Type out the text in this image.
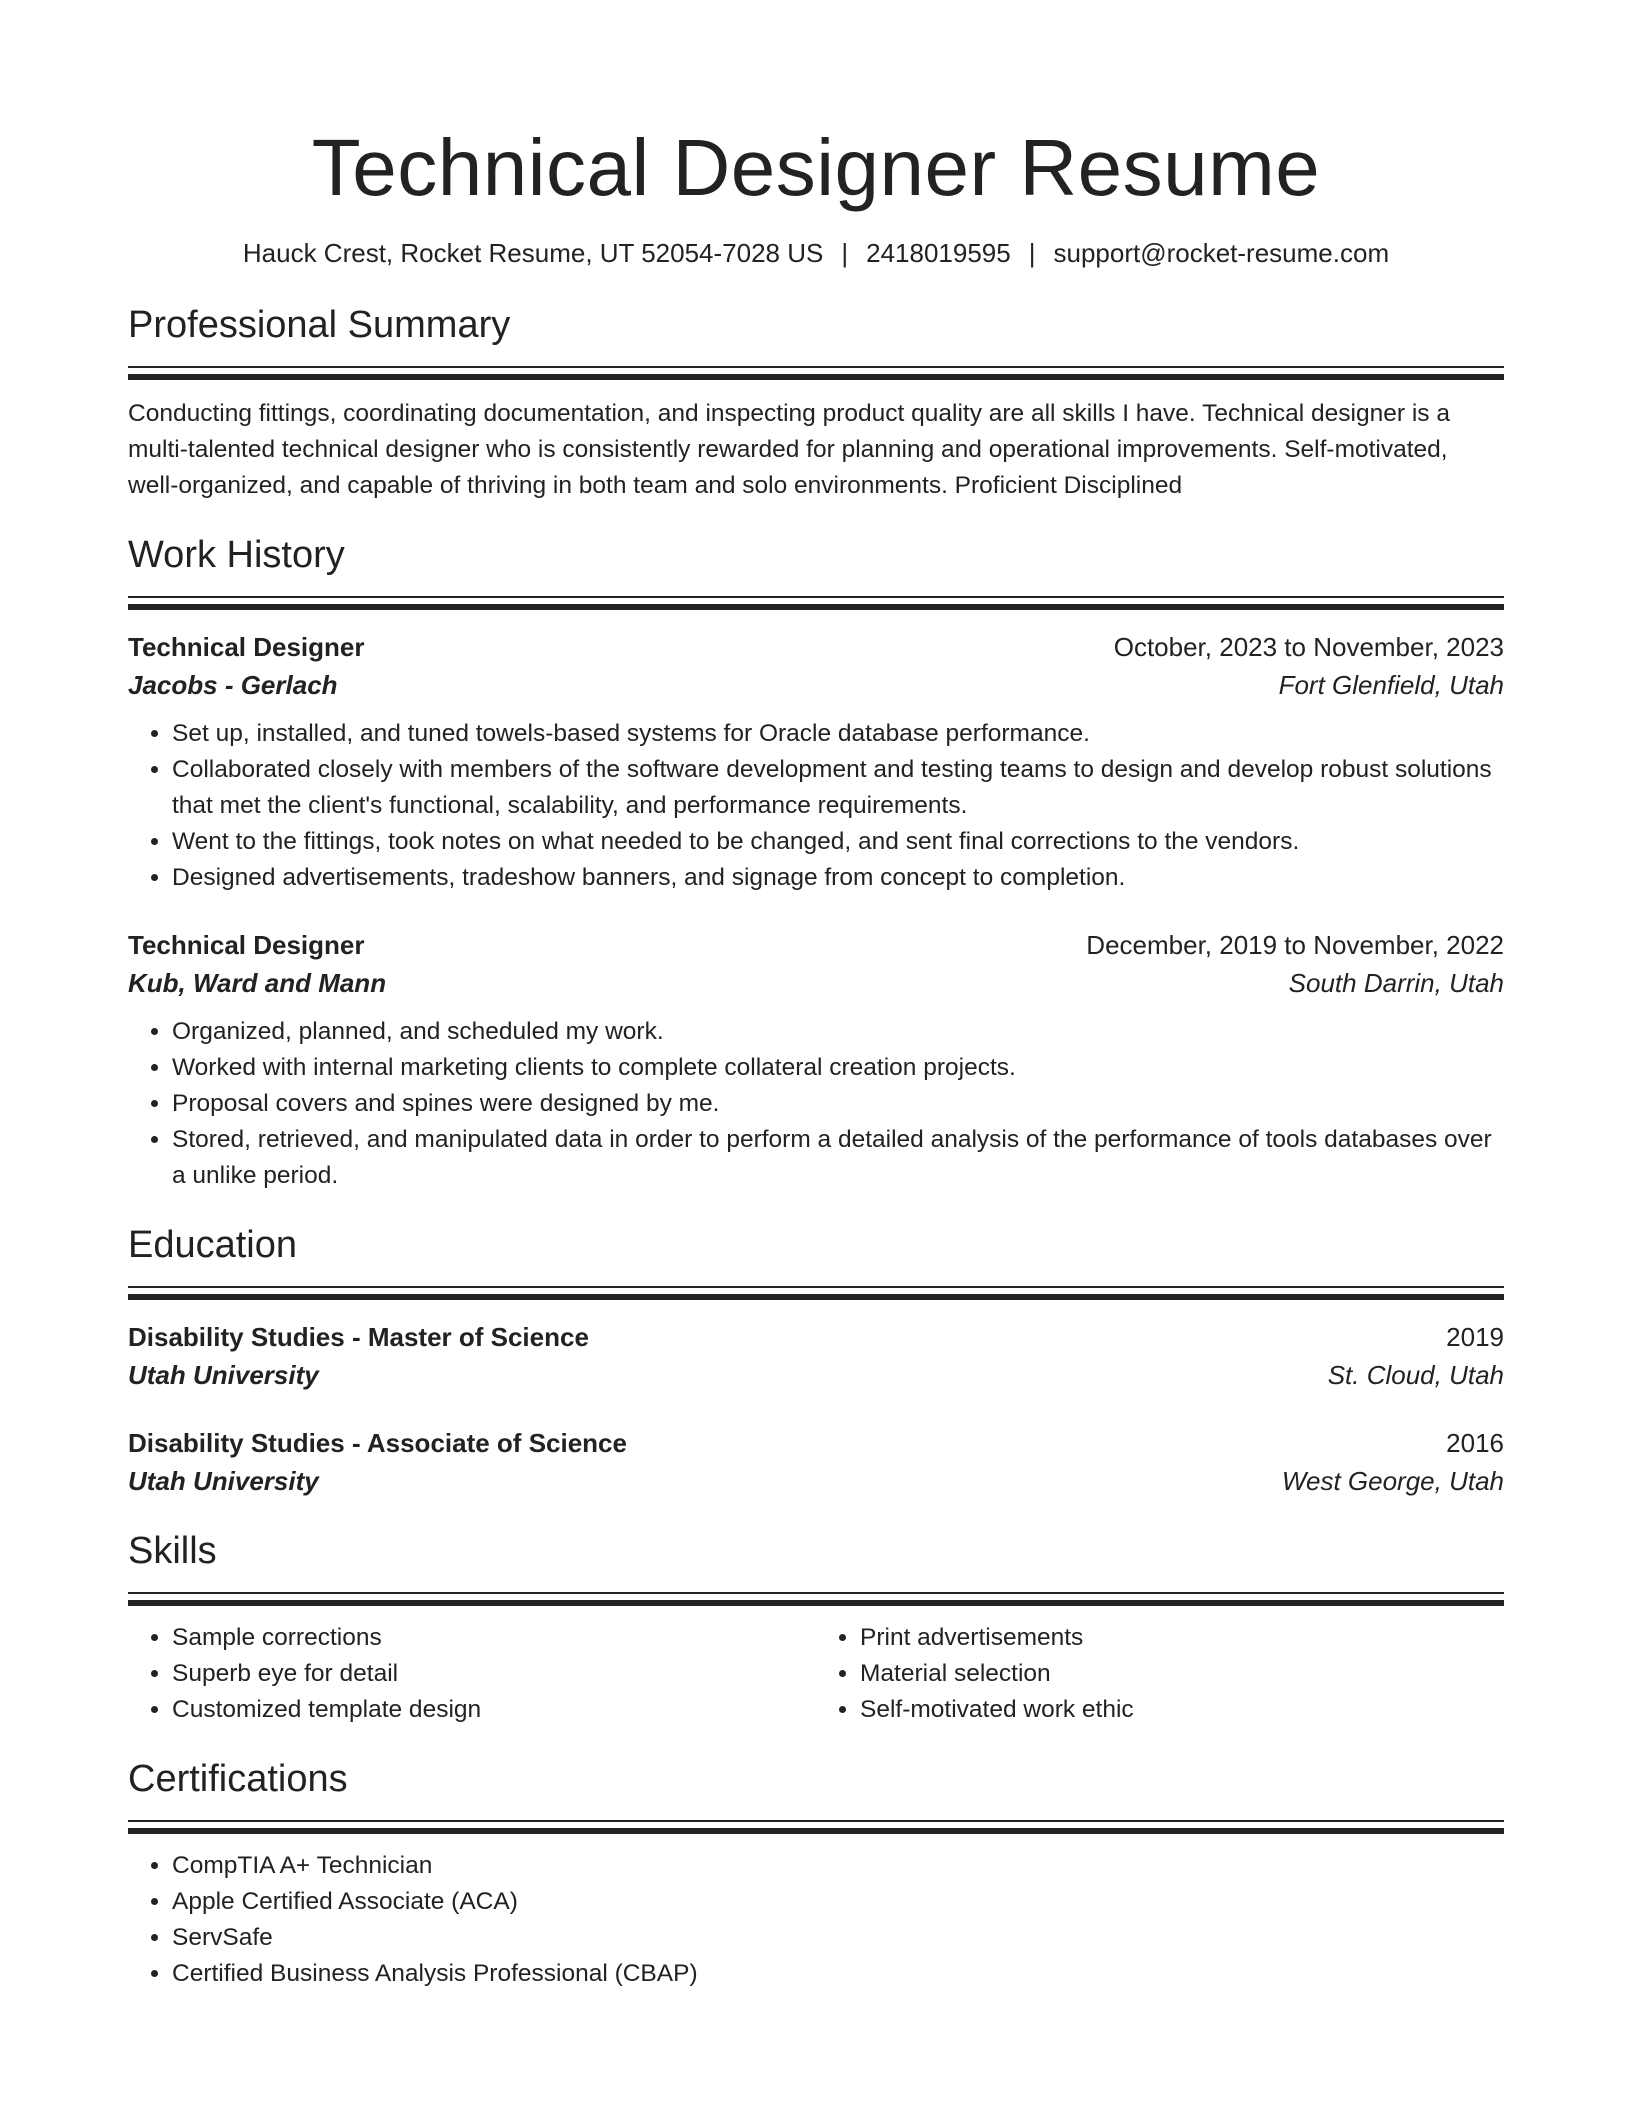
Technical Designer Resume
Hauck Crest, Rocket Resume, UT 52054-7028 US | 2418019595 | support@rocket-resume.com
Professional Summary
Conducting fittings, coordinating documentation, and inspecting product quality are all skills I have. Technical designer is a multi-talented technical designer who is consistently rewarded for planning and operational improvements. Self-motivated, well-organized, and capable of thriving in both team and solo environments. Proficient Disciplined
Work History
Technical Designer	October, 2023 to November, 2023
Jacobs - Gerlach	Fort Glenfield, Utah
• Set up, installed, and tuned towels-based systems for Oracle database performance.
• Collaborated closely with members of the software development and testing teams to design and develop robust solutions that met the client's functional, scalability, and performance requirements.
• Went to the fittings, took notes on what needed to be changed, and sent final corrections to the vendors.
• Designed advertisements, tradeshow banners, and signage from concept to completion.
Technical Designer	December, 2019 to November, 2022
Kub, Ward and Mann	South Darrin, Utah
• Organized, planned, and scheduled my work.
• Worked with internal marketing clients to complete collateral creation projects.
• Proposal covers and spines were designed by me.
• Stored, retrieved, and manipulated data in order to perform a detailed analysis of the performance of tools databases over a unlike period.
Education
Disability Studies - Master of Science	2019
Utah University	St. Cloud, Utah
Disability Studies - Associate of Science	2016
Utah University	West George, Utah
Skills
• Sample corrections
• Superb eye for detail
• Customized template design
• Print advertisements
• Material selection
• Self-motivated work ethic
Certifications
• CompTIA A+ Technician
• Apple Certified Associate (ACA)
• ServSafe
• Certified Business Analysis Professional (CBAP)
